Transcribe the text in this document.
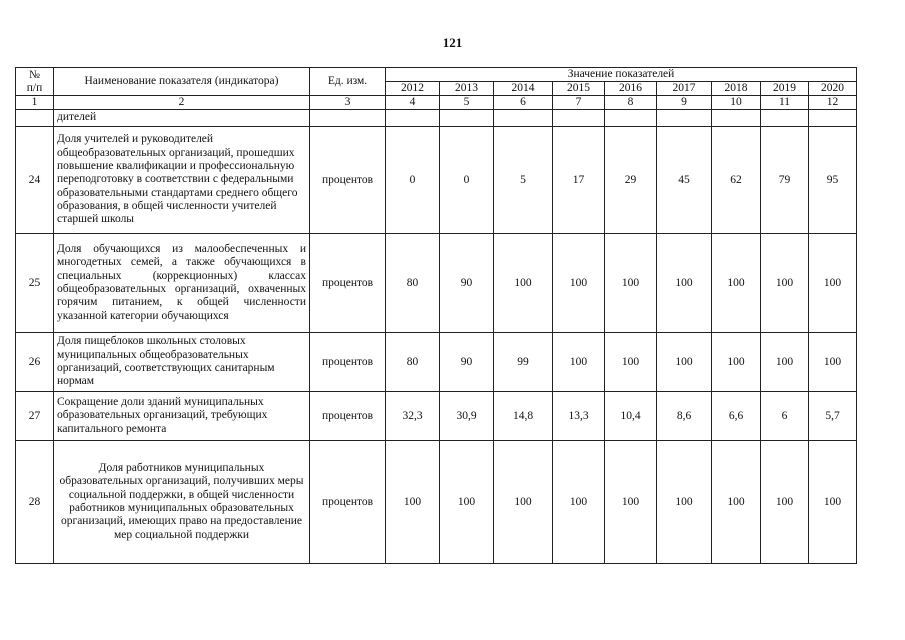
121
№
п/п	Наименование показателя (индикатора)	Ед. изм.	Значение показателей								
			2012	2013	2014	2015	2016	2017	2018	2019	2020
1	2	3	4	5	6	7	8	9	10	11	12
	дителей										
24	Доля учителей и руководителей общеобразовательных организаций, прошедших повышение квалификации и профессиональную переподготовку в соответствии с федеральными образовательными стандартами среднего общего образования, в общей численности учителей старшей школы	процентов	0	0	5	17	29	45	62	79	95
25	Доля обучающихся из малообеспеченных и многодетных семей, а также обучающихся в специальных (коррекционных) классах общеобразовательных организаций, охваченных горячим питанием, к общей численности указанной категории обучающихся	процентов	80	90	100	100	100	100	100	100	100
26	Доля пищеблоков школьных столовых муниципальных общеобразовательных организаций, соответствующих санитарным нормам	процентов	80	90	99	100	100	100	100	100	100
27	Сокращение доли зданий муниципальных образовательных организаций, требующих капитального ремонта	процентов	32,3	30,9	14,8	13,3	10,4	8,6	6,6	6	5,7
28	Доля работников муниципальных образовательных организаций, получивших меры социальной поддержки, в общей численности работников муниципальных образовательных организаций, имеющих право на предоставление мер социальной поддержки	процентов	100	100	100	100	100	100	100	100	100
